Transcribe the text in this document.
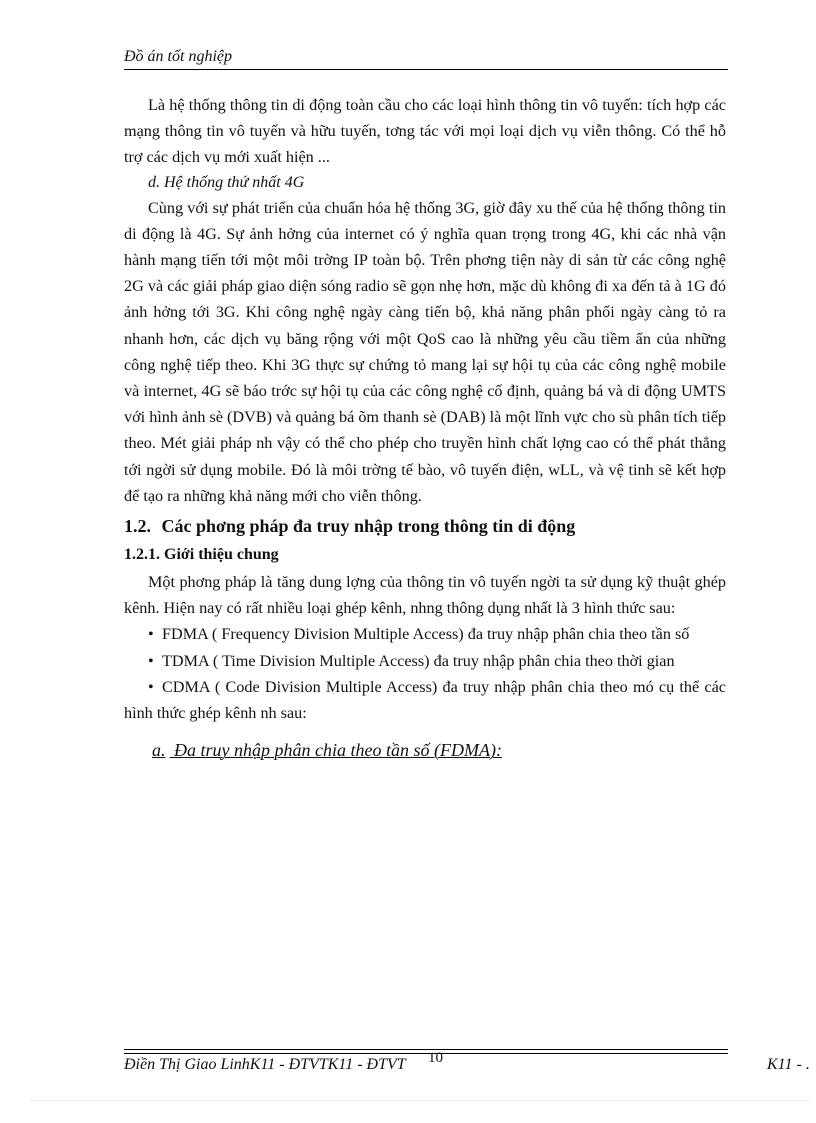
Đồ án tốt nghiệp

Là hệ thống thông tin di động toàn cầu cho các loại hình thông tin vô tuyến: tích hợp các mạng thông tin vô tuyến và hữu tuyến, tơng tác với mọi loại dịch vụ viễn thông. Có thể hỗ trợ các dịch vụ mới xuất hiện ...

d. Hệ thống thứ nhất 4G

Cùng với sự phát triển của chuẩn hóa hệ thống 3G, giờ đây xu thế của hệ thống thông tin di động là 4G. Sự ảnh hởng của internet có ý nghĩa quan trọng trong 4G, khi các nhà vận hành mạng tiến tới một môi trờng IP toàn bộ. Trên phơng tiện này di sản từ các công nghệ 2G và các giải pháp giao diện sóng radio sẽ gọn nhẹ hơn, mặc dù không đi xa đến tả à 1G đó ảnh hởng tới 3G. Khi công nghệ ngày càng tiến bộ, khả năng phân phối ngày càng tỏ ra nhanh hơn, các dịch vụ băng rộng với một QoS cao là những yêu cầu tiềm ẩn của những công nghệ tiếp theo. Khi 3G thực sự chứng tỏ mang lại sự hội tụ của các công nghệ mobile và internet, 4G sẽ báo trớc sự hội tụ của các công nghệ cố định, quảng bá và di động UMTS với hình ảnh sè (DVB) và quảng bá õm thanh sè (DAB) là một lĩnh vực cho sù phân tích tiếp theo. Mét giải pháp nh vậy có thể cho phép cho truyền hình chất lợng cao có thể phát thẳng tới ngời sử dụng mobile. Đó là môi trờng tế bào, vô tuyến điện, wLL, và vệ tinh sẽ kết hợp để tạo ra những khả năng mới cho viễn thông.

1.2. Các phơng pháp đa truy nhập trong thông tin di động
1.2.1. Giới thiệu chung

Một phơng pháp là tăng dung lợng của thông tin vô tuyến ngời ta sử dụng kỹ thuật ghép kênh. Hiện nay có rất nhiều loại ghép kênh, nhng thông dụng nhất là 3 hình thức sau:

• FDMA ( Frequency Division Multiple Access) đa truy nhập phân chia theo tần số

• TDMA ( Time Division Multiple Access) đa truy nhập phân chia theo thời gian

• CDMA ( Code Division Multiple Access) đa truy nhập phân chia theo mó cụ thể các hình thức ghép kênh nh sau:

a. Đa truy nhập phân chia theo tần số (FDMA):
Điền Thị Giao LinhK11 - ĐTVTK11 - ĐTVT 10	K11 - .
